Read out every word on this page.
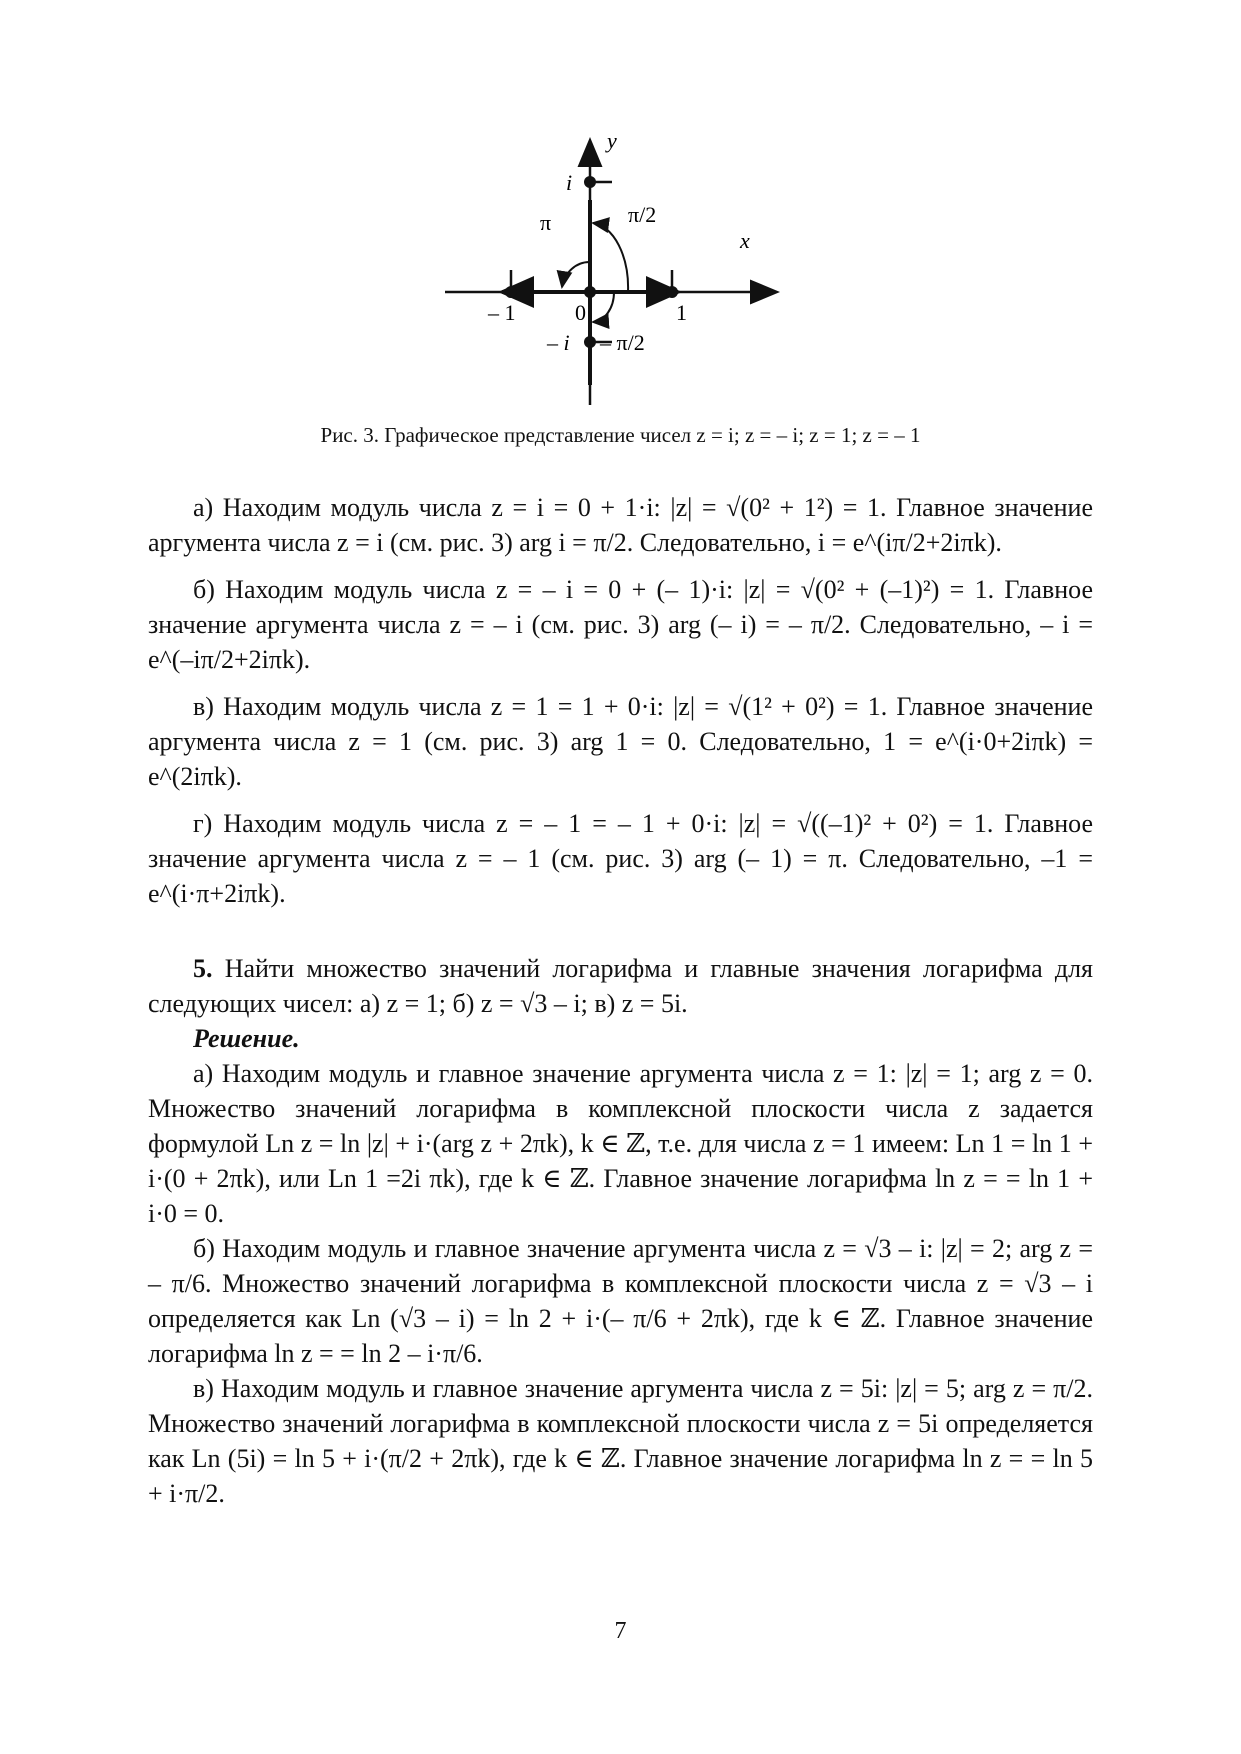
y
x
i
– i
1
– 1	0
π	π/2
– π/2
Рис. 3. Графическое представление чисел z = i; z = – i; z = 1; z = – 1

а) Находим модуль числа z = i = 0 + 1·i: |z| = √(0² + 1²) = 1. Главное значение аргумента числа z = i (см. рис. 3) arg i = π/2. Следовательно, i = e^(iπ/2+2iπk).

б) Находим модуль числа z = – i = 0 + (– 1)·i: |z| = √(0² + (–1)²) = 1. Главное значение аргумента числа z = – i (см. рис. 3) arg (– i) = – π/2. Следовательно, – i = e^(–iπ/2+2iπk).

в) Находим модуль числа z = 1 = 1 + 0·i: |z| = √(1² + 0²) = 1. Главное значение аргумента числа z = 1 (см. рис. 3) arg 1 = 0. Следовательно, 1 = e^(i·0+2iπk) = e^(2iπk).

г) Находим модуль числа z = – 1 = – 1 + 0·i: |z| = √((–1)² + 0²) = 1. Главное значение аргумента числа z = – 1 (см. рис. 3) arg (– 1) = π. Следовательно, –1 = e^(i·π+2iπk).

5. Найти множество значений логарифма и главные значения логарифма для следующих чисел: а) z = 1; б) z = √3 – i; в) z = 5i.

Решение.

а) Находим модуль и главное значение аргумента числа z = 1: |z| = 1; arg z = 0. Множество значений логарифма в комплексной плоскости числа z задается формулой Ln z = ln |z| + i·(arg z + 2πk), k ∈ ℤ, т.е. для числа z = 1 имеем: Ln 1 = ln 1 + i·(0 + 2πk), или Ln 1 =2i πk), где k ∈ ℤ. Главное значение логарифма ln z = = ln 1 + i·0 = 0.

б) Находим модуль и главное значение аргумента числа z = √3 – i: |z| = 2; arg z = – π/6. Множество значений логарифма в комплексной плоскости числа z = √3 – i определяется как Ln (√3 – i) = ln 2 + i·(– π/6 + 2πk), где k ∈ ℤ. Главное значение логарифма ln z = = ln 2 – i·π/6.

в) Находим модуль и главное значение аргумента числа z = 5i: |z| = 5; arg z = π/2. Множество значений логарифма в комплексной плоскости числа z = 5i определяется как Ln (5i) = ln 5 + i·(π/2 + 2πk), где k ∈ ℤ. Главное значение логарифма ln z = = ln 5 + i·π/2.

7
